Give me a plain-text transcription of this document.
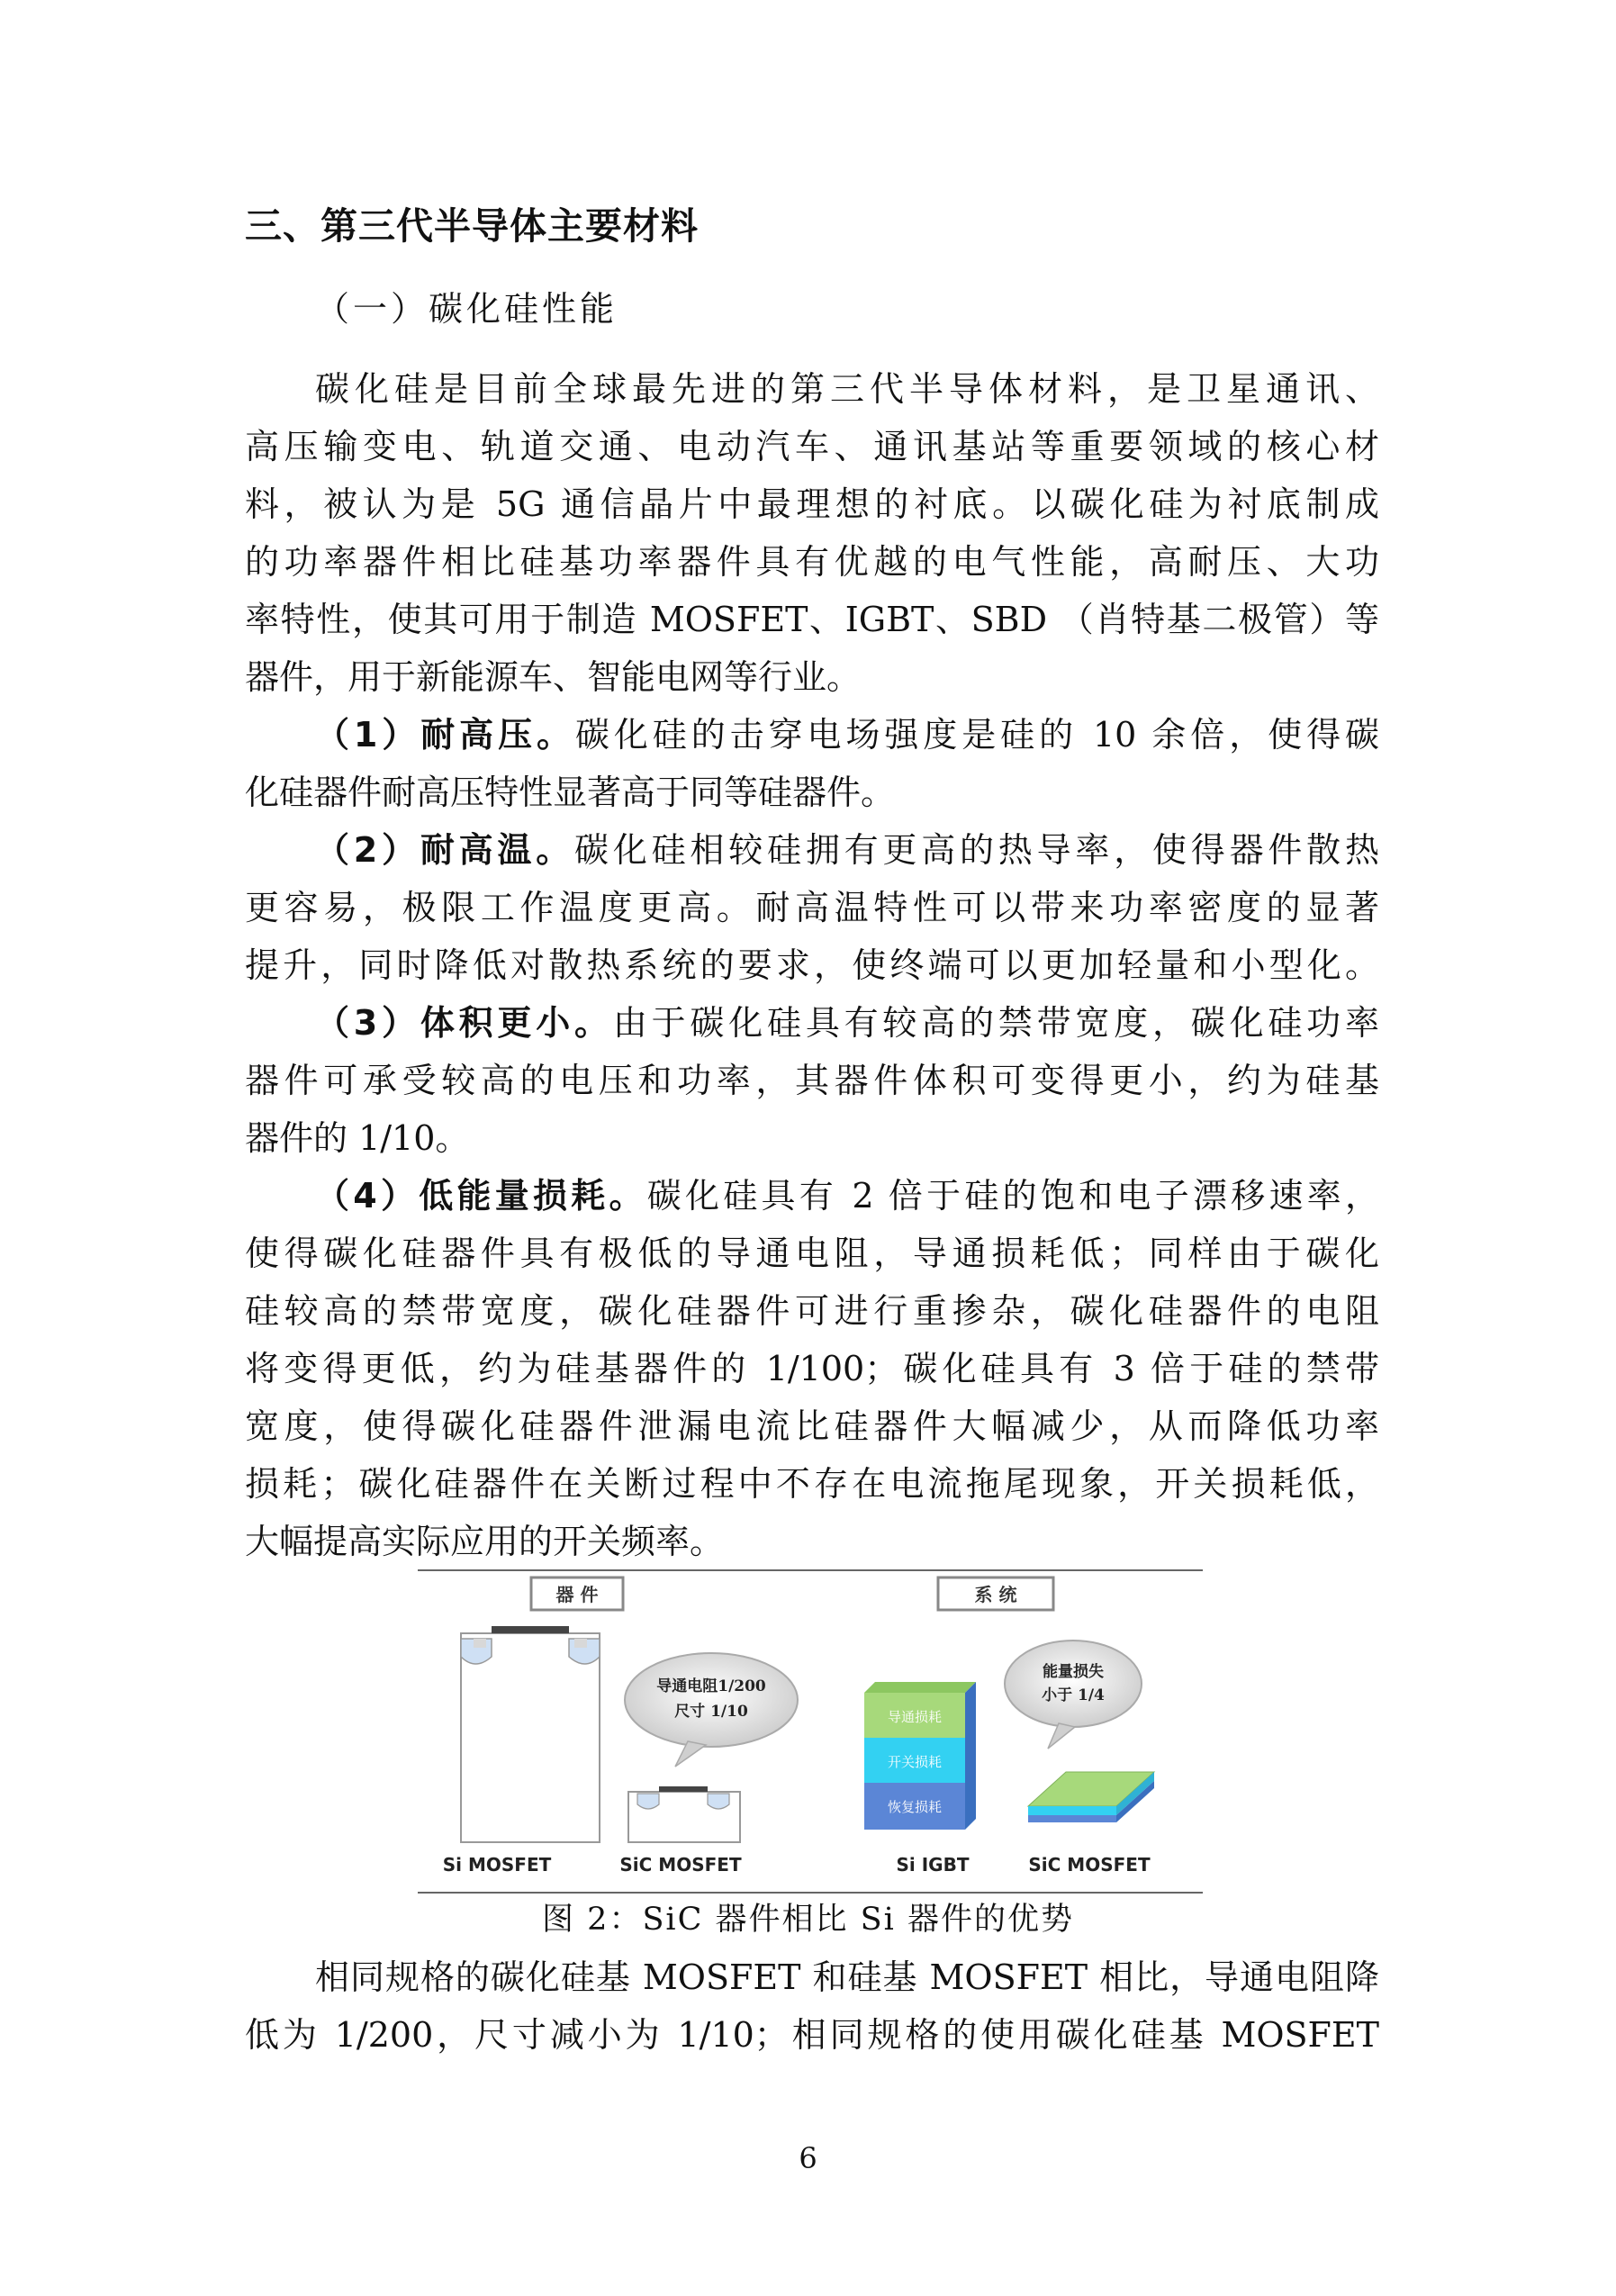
三、第三代半导体主要材料
（一）碳化硅性能
碳化硅是目前全球最先进的第三代半导体材料，是卫星通讯、
高压输变电、轨道交通、电动汽车、通讯基站等重要领域的核心材
料，被认为是 5G 通信晶片中最理想的衬底。以碳化硅为衬底制成
的功率器件相比硅基功率器件具有优越的电气性能，高耐压、大功
率特性，使其可用于制造 MOSFET、IGBT、SBD （肖特基二极管）等
器件，用于新能源车、智能电网等行业。
（1）耐高压。碳化硅的击穿电场强度是硅的 10 余倍，使得碳
化硅器件耐高压特性显著高于同等硅器件。
（2）耐高温。碳化硅相较硅拥有更高的热导率，使得器件散热
更容易，极限工作温度更高。耐高温特性可以带来功率密度的显著
提升，同时降低对散热系统的要求，使终端可以更加轻量和小型化。
（3）体积更小。由于碳化硅具有较高的禁带宽度，碳化硅功率
器件可承受较高的电压和功率，其器件体积可变得更小，约为硅基
器件的 1/10。
（4）低能量损耗。碳化硅具有 2 倍于硅的饱和电子漂移速率，
使得碳化硅器件具有极低的导通电阻，导通损耗低；同样由于碳化
硅较高的禁带宽度，碳化硅器件可进行重掺杂，碳化硅器件的电阻
将变得更低，约为硅基器件的 1/100；碳化硅具有 3 倍于硅的禁带
宽度，使得碳化硅器件泄漏电流比硅器件大幅减少，从而降低功率
损耗；碳化硅器件在关断过程中不存在电流拖尾现象，开关损耗低，
大幅提高实际应用的开关频率。
器 件	系 统
导通电阻1/200
尺寸 1/10	导通损耗
开关损耗
恢复损耗
能量损失
小于 1/4
Si MOSFET	SiC MOSFET	Si IGBT	SiC MOSFET
图 2：SiC 器件相比 Si 器件的优势
相同规格的碳化硅基 MOSFET 和硅基 MOSFET 相比，导通电阻降
低为 1/200，尺寸减小为 1/10；相同规格的使用碳化硅基 MOSFET
6
